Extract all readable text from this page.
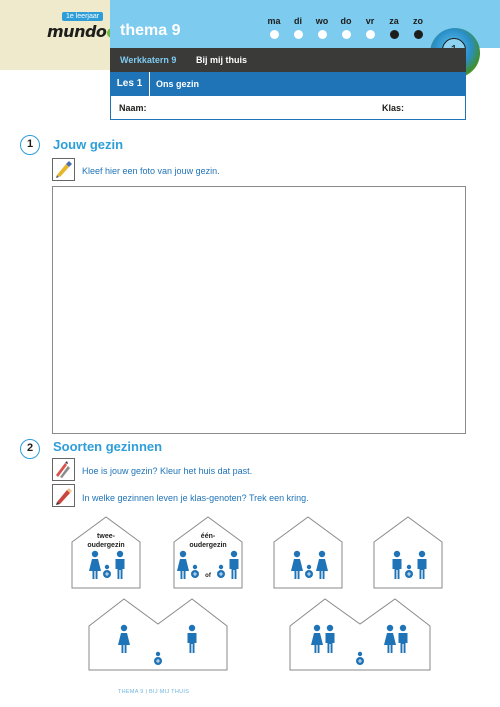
1e leerjaar
mundo thema 9
ma	di	wo	do	vr	za	zo
Werkkatern 9 Bij mij thuis
Les 1	Ons gezin
Naam:	Klas:
1	Jouw gezin
Kleef hier een foto van jouw gezin.
2	Soorten gezinnen
Hoe is jouw gezin? Kleur het huis dat past.
In welke gezinnen leven je klas-genoten? Trek een kring.
twee-
oudergezin
één-
oudergezin
of
THEMA 9 | BIJ MIJ THUIS
